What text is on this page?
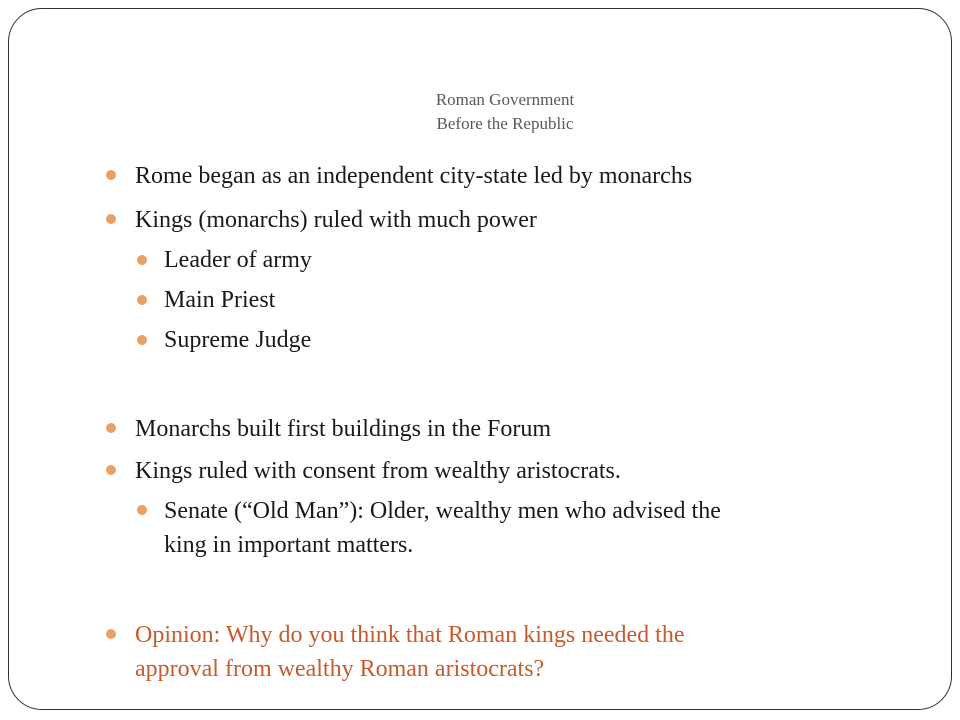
Roman Government
Before the Republic
Rome began as an independent city-state led by monarchs
Kings (monarchs) ruled with much power
Leader of army
Main Priest
Supreme Judge
Monarchs built first buildings in the Forum
Kings ruled with consent from wealthy aristocrats.
Senate (“Old Man”): Older, wealthy men who advised the
king in important matters.
Opinion: Why do you think that Roman kings needed the
approval from wealthy Roman aristocrats?
